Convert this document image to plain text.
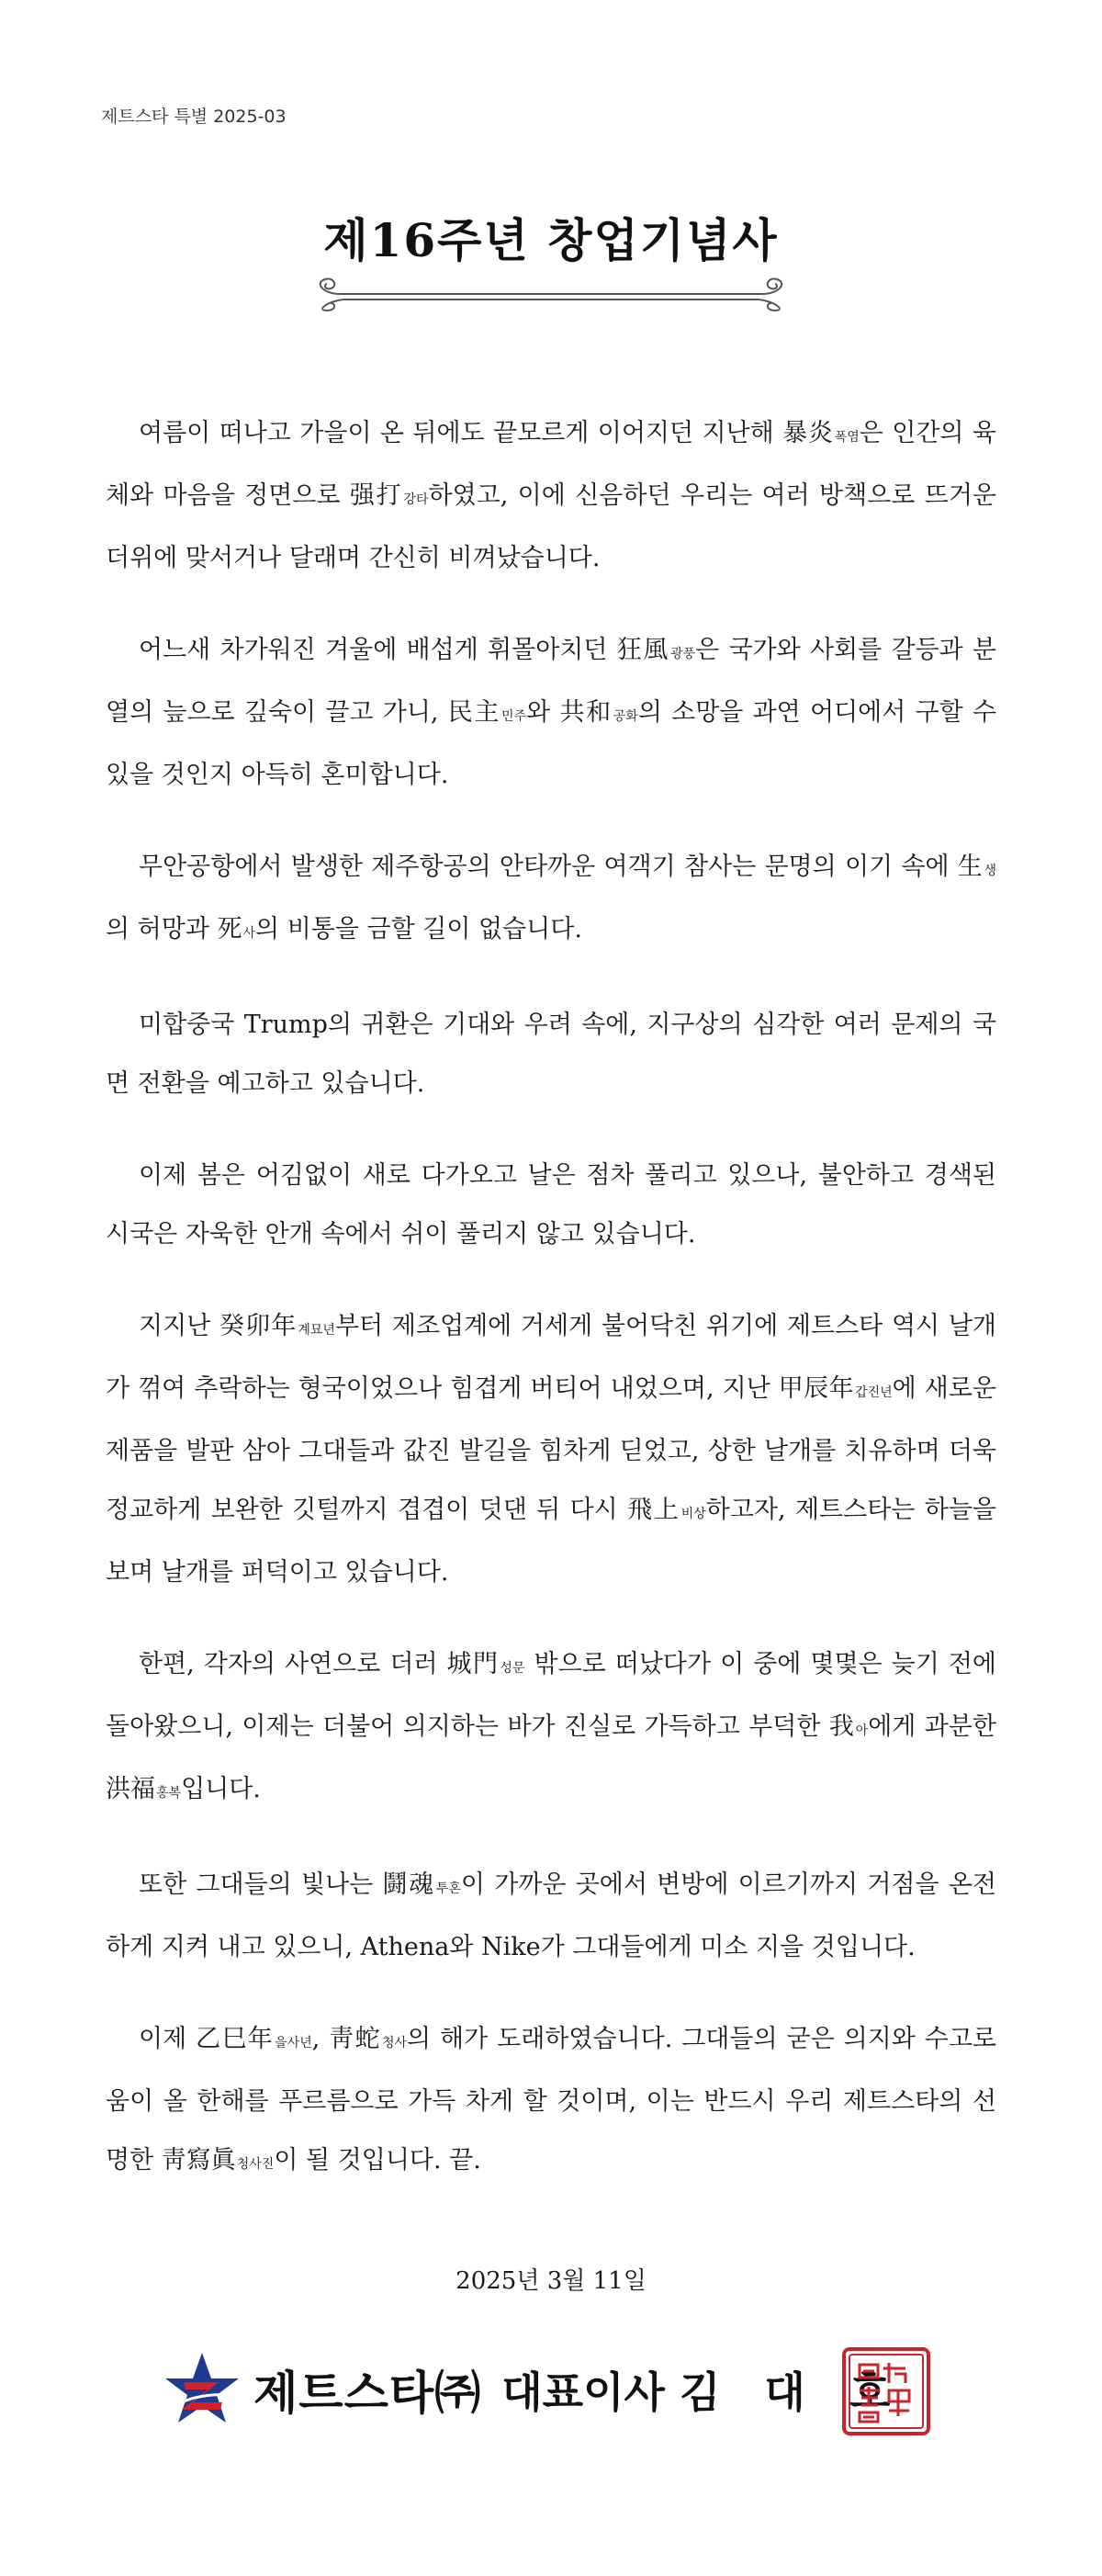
제트스타 특별 2025-03
제16주년 창업기념사

여름이 떠나고 가을이 온 뒤에도 끝모르게 이어지던 지난해 暴炎폭염은 인간의 육체와 마음을 정면으로 强打강타하였고, 이에 신음하던 우리는 여러 방책으로 뜨거운 더위에 맞서거나 달래며 간신히 비껴났습니다.

어느새 차가워진 겨울에 배섭게 휘몰아치던 狂風광풍은 국가와 사회를 갈등과 분열의 늪으로 깊숙이 끌고 가니, 民主민주와 共和공화의 소망을 과연 어디에서 구할 수 있을 것인지 아득히 혼미합니다.

무안공항에서 발생한 제주항공의 안타까운 여객기 참사는 문명의 이기 속에 生생의 허망과 死사의 비통을 금할 길이 없습니다.

미합중국 Trump의 귀환은 기대와 우려 속에, 지구상의 심각한 여러 문제의 국면 전환을 예고하고 있습니다.

이제 봄은 어김없이 새로 다가오고 날은 점차 풀리고 있으나, 불안하고 경색된 시국은 자욱한 안개 속에서 쉬이 풀리지 않고 있습니다.

지지난 癸卯年계묘년부터 제조업계에 거세게 불어닥친 위기에 제트스타 역시 날개가 꺾여 추락하는 형국이었으나 힘겹게 버티어 내었으며, 지난 甲辰年갑진년에 새로운 제품을 발판 삼아 그대들과 값진 발길을 힘차게 딛었고, 상한 날개를 치유하며 더욱 정교하게 보완한 깃털까지 겹겹이 덧댄 뒤 다시 飛上비상하고자, 제트스타는 하늘을 보며 날개를 퍼덕이고 있습니다.

한편, 각자의 사연으로 더러 城門성문 밖으로 떠났다가 이 중에 몇몇은 늦기 전에 돌아왔으니, 이제는 더불어 의지하는 바가 진실로 가득하고 부덕한 我아에게 과분한 洪福홍복입니다.

또한 그대들의 빛나는 鬪魂투혼이 가까운 곳에서 변방에 이르기까지 거점을 온전하게 지켜 내고 있으니, Athena와 Nike가 그대들에게 미소 지을 것입니다.

이제 乙巳年을사년, 靑蛇청사의 해가 도래하였습니다. 그대들의 굳은 의지와 수고로움이 올 한해를 푸르름으로 가득 차게 할 것이며, 이는 반드시 우리 제트스타의 선명한 靑寫眞청사진이 될 것입니다. 끝.

2025년 3월 11일
제트스타㈜ 대표이사 김 대 호
